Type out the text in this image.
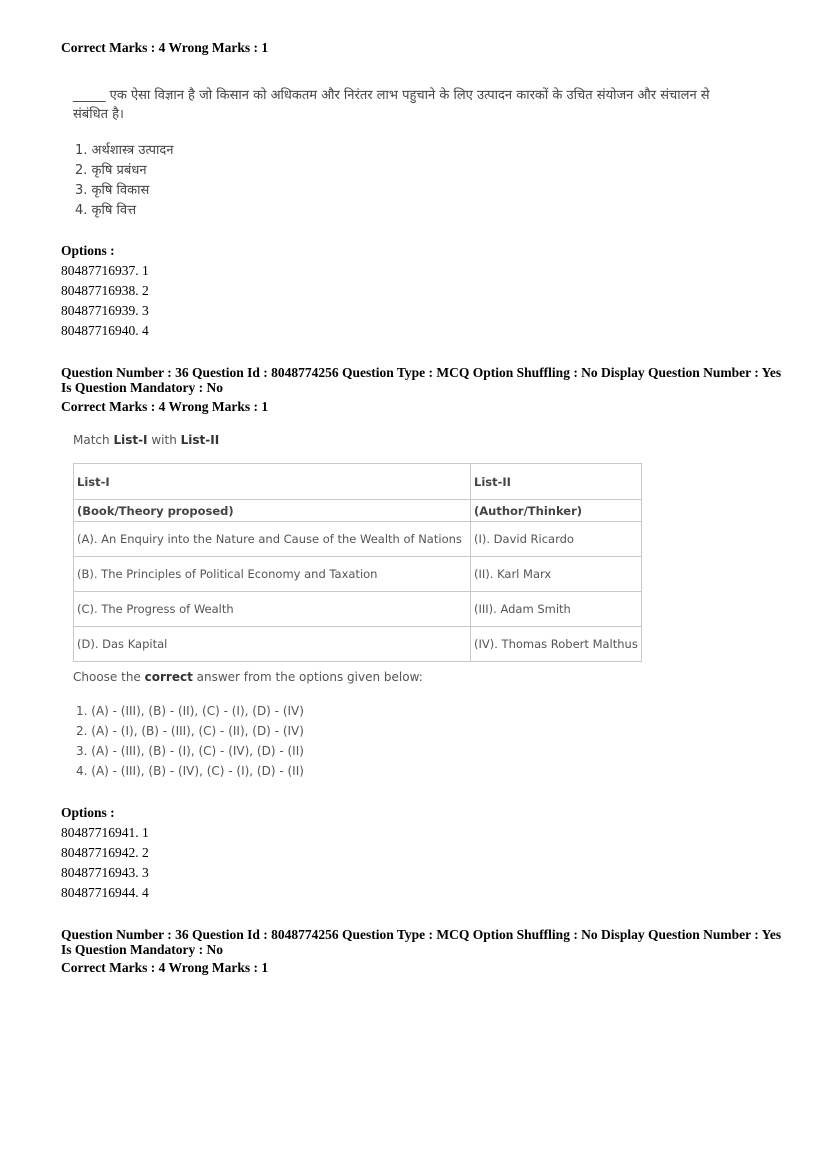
Correct Marks : 4 Wrong Marks : 1
_____ एक ऐसा विज्ञान है जो किसान को अधिकतम और निरंतर लाभ पहुचाने के लिए उत्पादन कारकों के उचित संयोजन और संचालन से
संबंधित है।
1. अर्थशास्त्र उत्पादन
2. कृषि प्रबंधन
3. कृषि विकास
4. कृषि वित्त
Options :
80487716937. 1
80487716938. 2
80487716939. 3
80487716940. 4
Question Number : 36 Question Id : 8048774256 Question Type : MCQ Option Shuffling : No Display Question Number : Yes
Is Question Mandatory : No
Correct Marks : 4 Wrong Marks : 1
Match List-I with List-II
List-I	List-II
(Book/Theory proposed)	(Author/Thinker)
(A). An Enquiry into the Nature and Cause of the Wealth of Nations	(I). David Ricardo
(B). The Principles of Political Economy and Taxation	(II). Karl Marx
(C). The Progress of Wealth	(III). Adam Smith
(D). Das Kapital	(IV). Thomas Robert Malthus
Choose the correct answer from the options given below:
1. (A) - (III), (B) - (II), (C) - (I), (D) - (IV)
2. (A) - (I), (B) - (III), (C) - (II), (D) - (IV)
3. (A) - (III), (B) - (I), (C) - (IV), (D) - (II)
4. (A) - (III), (B) - (IV), (C) - (I), (D) - (II)
Options :
80487716941. 1
80487716942. 2
80487716943. 3
80487716944. 4
Question Number : 36 Question Id : 8048774256 Question Type : MCQ Option Shuffling : No Display Question Number : Yes
Is Question Mandatory : No
Correct Marks : 4 Wrong Marks : 1
